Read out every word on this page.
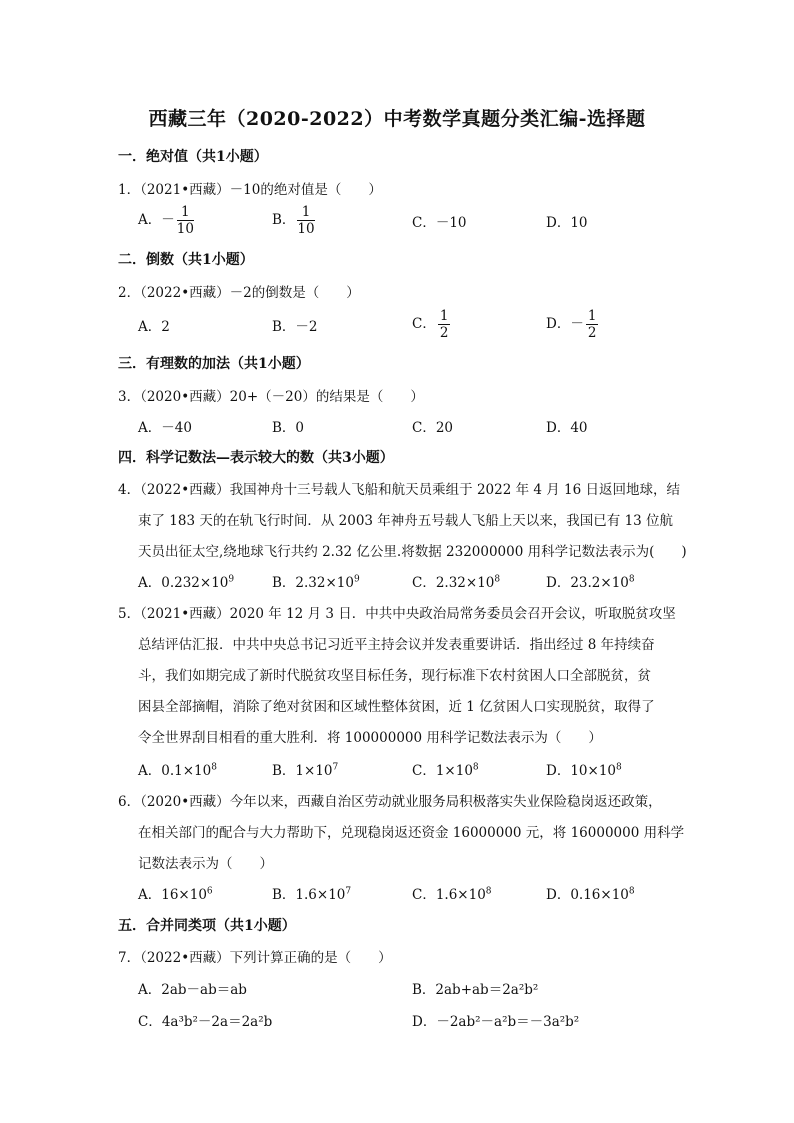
西藏三年（2020-2022）中考数学真题分类汇编-选择题
一．绝对值（共1小题）
1．（2021•西藏）－10的绝对值是（　　）
A．－ $\frac{1}{10}$	B． $\frac{1}{10}$	C．－10	D．10
二．倒数（共1小题）
2．（2022•西藏）－2的倒数是（　　）
A．2	B．－2	C． $\frac{1}{2}$	D．－ $\frac{1}{2}$
三．有理数的加法（共1小题）
3．（2020•西藏）20+（－20）的结果是（　　）
A．－40	B．0	C．20	D．40
四．科学记数法—表示较大的数（共3小题）
4．（2022•西藏）我国神舟十三号载人飞船和航天员乘组于 2022 年 4 月 16 日返回地球，结
束了 183 天的在轨飞行时间．从 2003 年神舟五号载人飞船上天以来，我国已有 13 位航
天员出征太空,绕地球飞行共约 2.32 亿公里.将数据 232000000 用科学记数法表示为(　　)
A．$0.232\times 10^9$	B．$2.32\times 10^9$	C．$2.32\times 10^8$	D．$23.2\times 10^8$
5．（2021•西藏）2020 年 12 月 3 日．中共中央政治局常务委员会召开会议，听取脱贫攻坚
总结评估汇报．中共中央总书记习近平主持会议并发表重要讲话．指出经过 8 年持续奋
斗，我们如期完成了新时代脱贫攻坚目标任务，现行标准下农村贫困人口全部脱贫，贫
困县全部摘帽，消除了绝对贫困和区域性整体贫困，近 1 亿贫困人口实现脱贫，取得了
令全世界刮目相看的重大胜利．将 100000000 用科学记数法表示为（　　）
A．$0.1\times 10^8$	B．$1\times 10^7$	C．$1\times 10^8$	D．$10\times 10^8$
6．（2020•西藏）今年以来，西藏自治区劳动就业服务局积极落实失业保险稳岗返还政策，
在相关部门的配合与大力帮助下，兑现稳岗返还资金 16000000 元，将 16000000 用科学
记数法表示为（　　）
A．$16\times 10^6$	B．$1.6\times 10^7$	C．$1.6\times 10^8$	D．$0.16\times 10^8$
五．合并同类项（共1小题）
7．（2022•西藏）下列计算正确的是（　　）
A．2ab－ab＝ab	B．2ab+ab＝2a²b²
C．4a³b²－2a＝2a²b	D．－2ab²－a²b＝－3a²b²
